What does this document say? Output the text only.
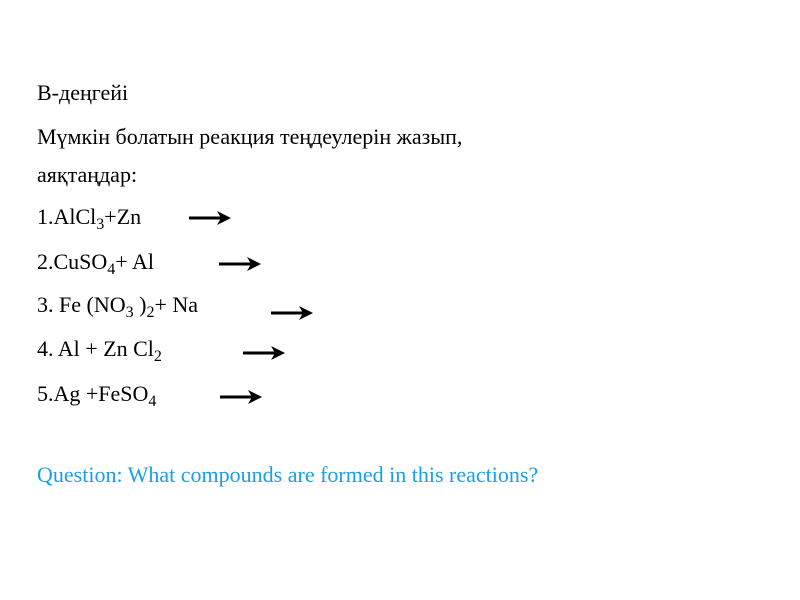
В-деңгейі
Мүмкін болатын реакция теңдеулерін жазып,
аяқтаңдар:
1.AlCl$_3$+Zn
2.CuSO$_4$+ Al
3. Fe ($NO_3$ )$_2+ Na$
4. Al + Zn $Cl_2$
5.Ag +FeSO$_4$
Question: What compounds are formed in this reactions?
